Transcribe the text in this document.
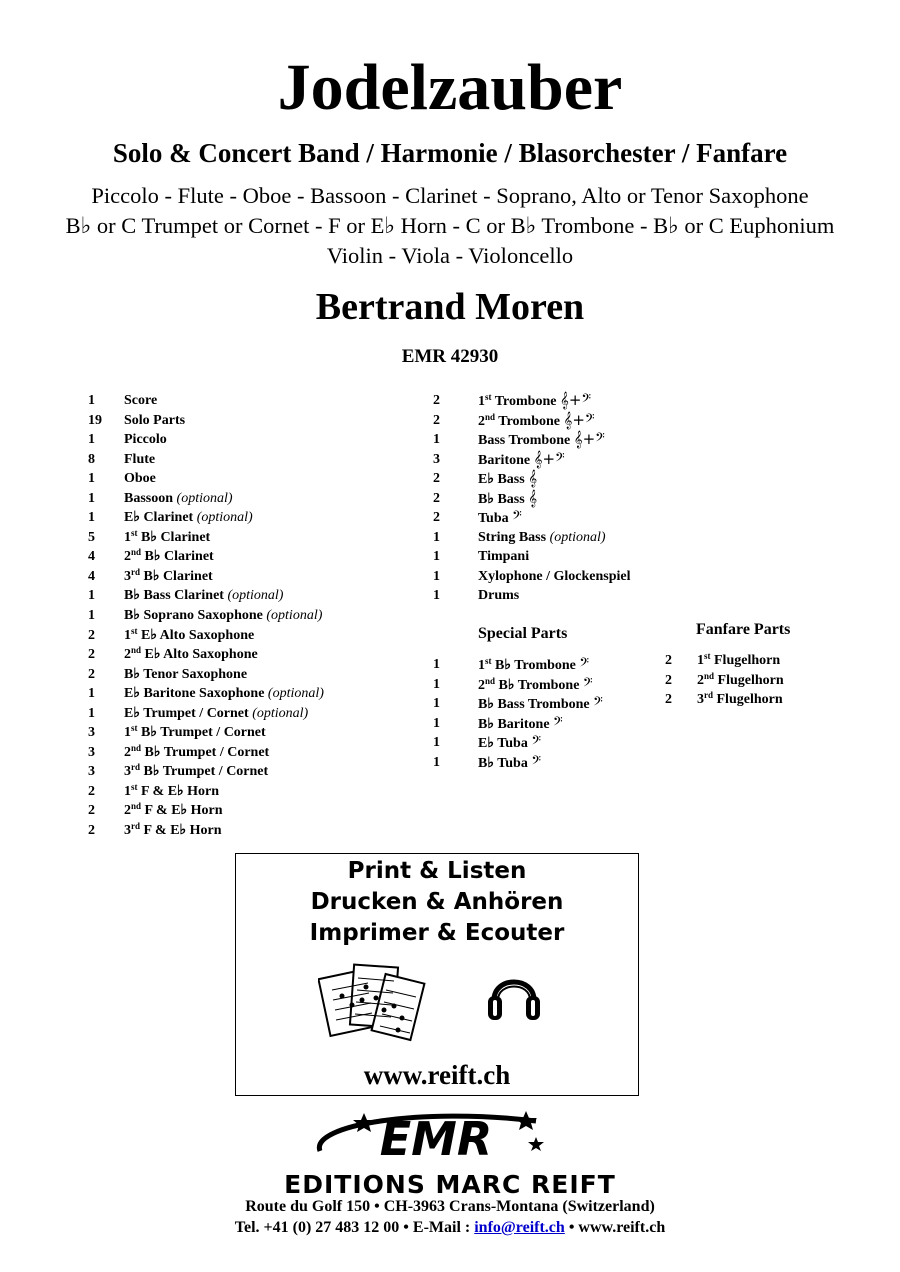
Jodelzauber
Solo & Concert Band / Harmonie / Blasorchester / Fanfare
Piccolo - Flute - Oboe - Bassoon - Clarinet - Soprano, Alto or Tenor Saxophone
B♭ or C Trumpet or Cornet - F or E♭ Horn - C or B♭ Trombone - B♭ or C Euphonium
Violin - Viola - Violoncello
Bertrand Moren
EMR 42930
1 Score
19 Solo Parts
1 Piccolo
8 Flute
1 Oboe
1 Bassoon (optional)
1 E♭ Clarinet (optional)
5 1st B♭ Clarinet
4 2nd B♭ Clarinet
4 3rd B♭ Clarinet
1 B♭ Bass Clarinet (optional)
1 B♭ Soprano Saxophone (optional)
2 1st E♭ Alto Saxophone
2 2nd E♭ Alto Saxophone
2 B♭ Tenor Saxophone
1 E♭ Baritone Saxophone (optional)
1 E♭ Trumpet / Cornet (optional)
3 1st B♭ Trumpet / Cornet
3 2nd B♭ Trumpet / Cornet
3 3rd B♭ Trumpet / Cornet
2 1st F & E♭ Horn
2 2nd F & E♭ Horn
2 3rd F & E♭ Horn
2	1st Trombone 𝄞+𝄢
2	2nd Trombone 𝄞+𝄢
1	Bass Trombone 𝄞+𝄢
3	Baritone 𝄞+𝄢
2	E♭ Bass 𝄞
2	B♭ Bass 𝄞
2	Tuba 𝄢
1	String Bass (optional)
1	Timpani
1	Xylophone / Glockenspiel
1	Drums
Special Parts
1	1st B♭ Trombone 𝄢
1	2nd B♭ Trombone 𝄢
1	B♭ Bass Trombone 𝄢
1	B♭ Baritone 𝄢
1	E♭ Tuba 𝄢
1	B♭ Tuba 𝄢
Fanfare Parts
2 1st Flugelhorn
2 2nd Flugelhorn
2 3rd Flugelhorn
Print & Listen
Drucken & Anhören
Imprimer & Ecouter
www.reift.ch
EMR
EDITIONS MARC REIFT
Route du Golf 150 • CH-3963 Crans-Montana (Switzerland)
Tel. +41 (0) 27 483 12 00 • E-Mail : info@reift.ch • www.reift.ch
